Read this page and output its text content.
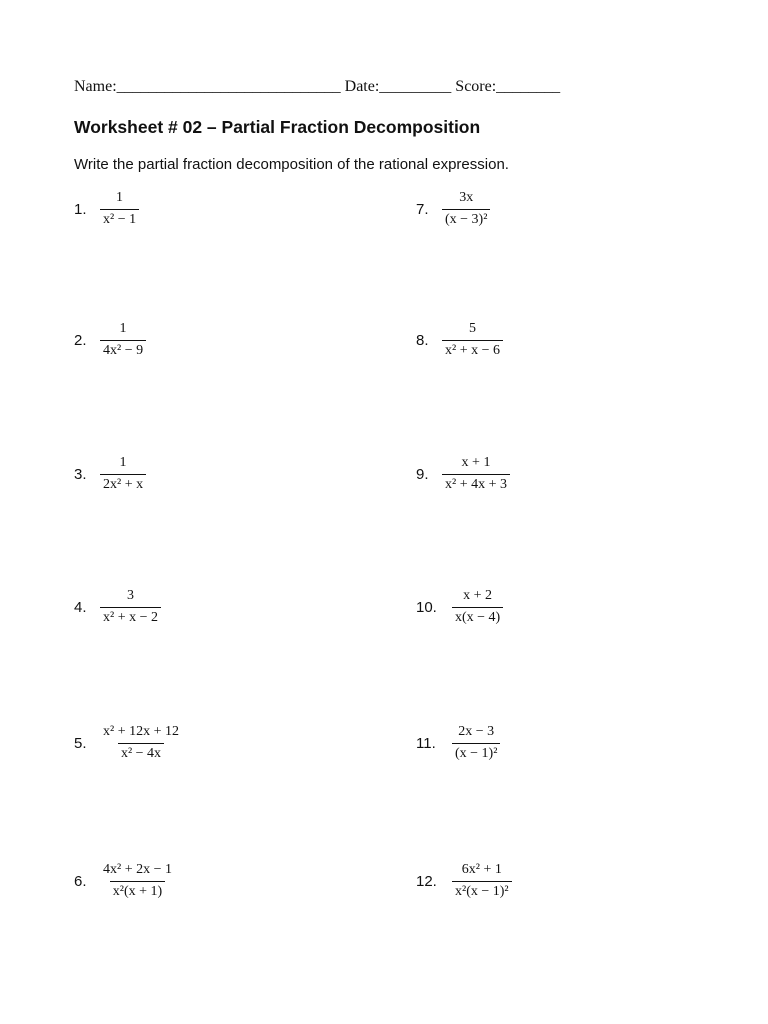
Name:____________________________ Date:_________ Score:________
Worksheet # 02 – Partial Fraction Decomposition
Write the partial fraction decomposition of the rational expression.
1. $\frac{1}{\text{x² − 1}}$
2. $\frac{1}{\text{4x² − 9}}$
3. $\frac{1}{\text{2x² + x}}$
4. $\frac{3}{\text{x² + x − 2}}$
5. $\frac{\text{x² + 12x + 12}}{\text{x² − 4x}}$
6. $\frac{\text{4x² + 2x − 1}}{\text{x²(x + 1)}}$
7. $\frac{3x}{\text{(x − 3)²}}$
8. $\frac{5}{\text{x² + x − 6}}$
9. $\frac{x + 1}{\text{x² + 4x + 3}}$
10.	$\frac{x + 2}{x(x - 4)}$
11.	$\frac{2x - 3}{\text{(x − 1)²}}$
12.	$\frac{\text{6x² + 1}}{\text{x²(x − 1)²}}$
